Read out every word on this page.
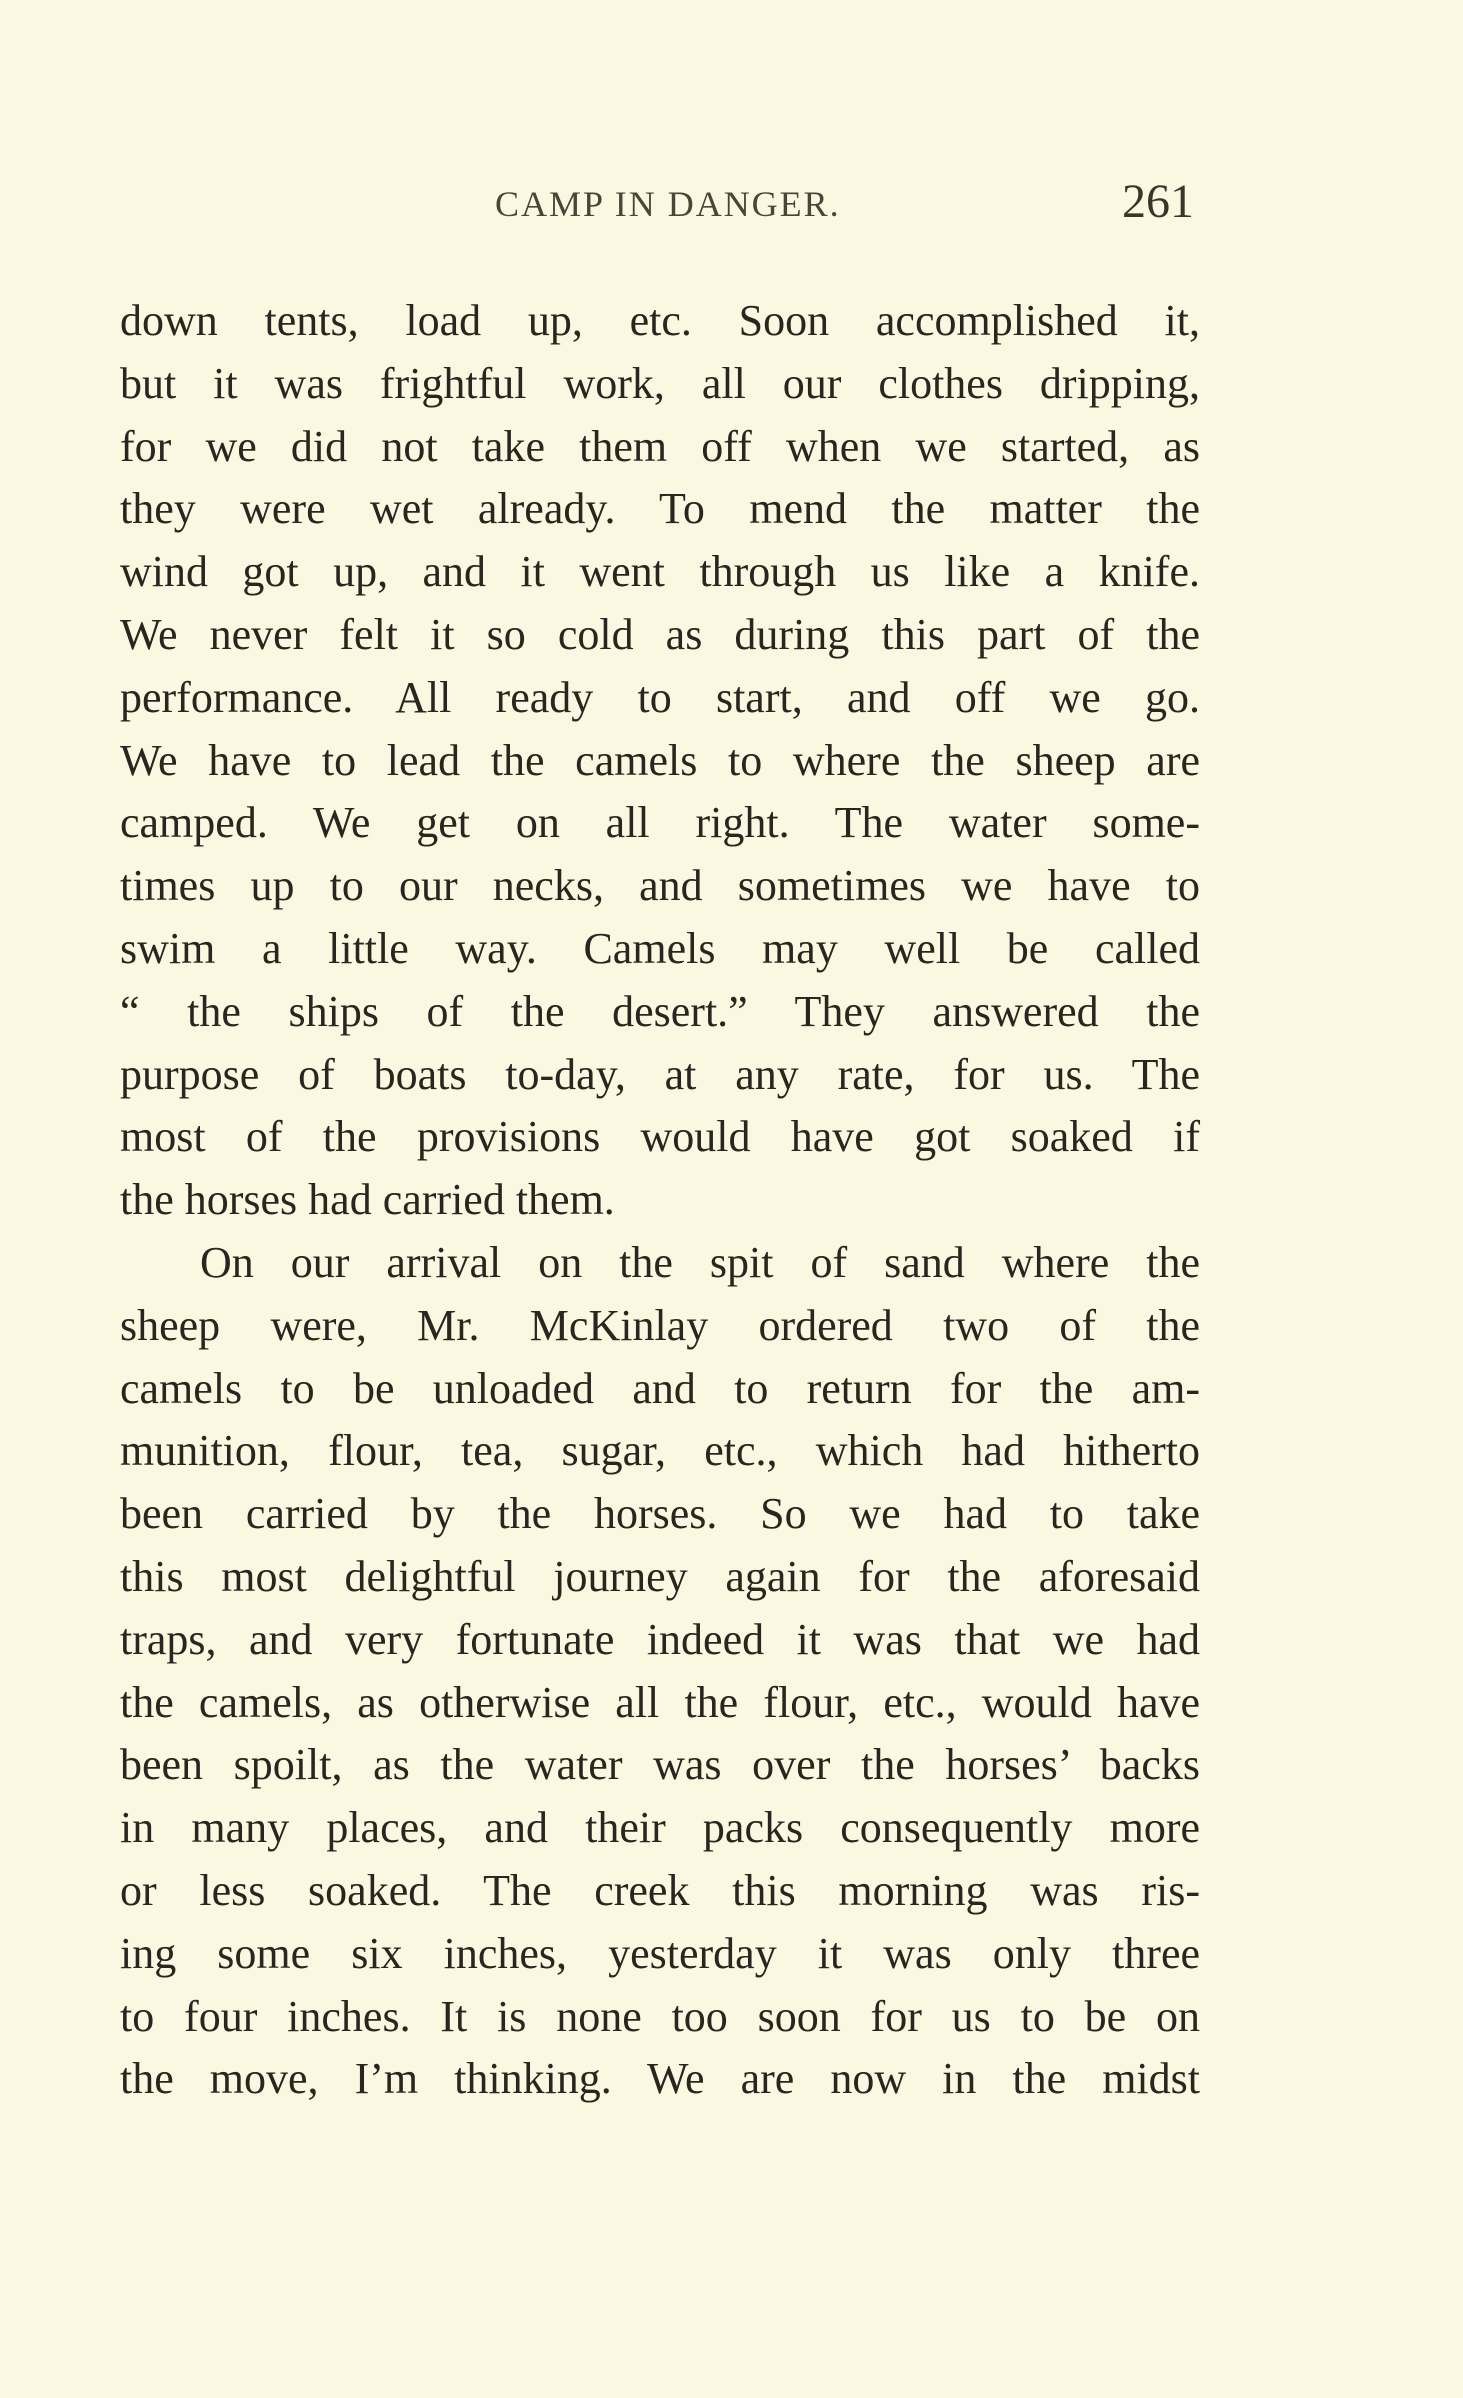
CAMP IN DANGER.	261
down tents, load up, etc. Soon accomplished it,
but it was frightful work, all our clothes dripping,
for we did not take them off when we started, as
they were wet already. To mend the matter the
wind got up, and it went through us like a knife.
We never felt it so cold as during this part of the
performance. All ready to start, and off we go.
We have to lead the camels to where the sheep are
camped. We get on all right. The water some-
times up to our necks, and sometimes we have to
swim a little way. Camels may well be called
“ the ships of the desert.” They answered the
purpose of boats to-day, at any rate, for us. The
most of the provisions would have got soaked if
the horses had carried them.
On our arrival on the spit of sand where the
sheep were, Mr. McKinlay ordered two of the
camels to be unloaded and to return for the am-
munition, flour, tea, sugar, etc., which had hitherto
been carried by the horses. So we had to take
this most delightful journey again for the aforesaid
traps, and very fortunate indeed it was that we had
the camels, as otherwise all the flour, etc., would have
been spoilt, as the water was over the horses’ backs
in many places, and their packs consequently more
or less soaked. The creek this morning was ris-
ing some six inches, yesterday it was only three
to four inches. It is none too soon for us to be on
the move, I’m thinking. We are now in the midst
